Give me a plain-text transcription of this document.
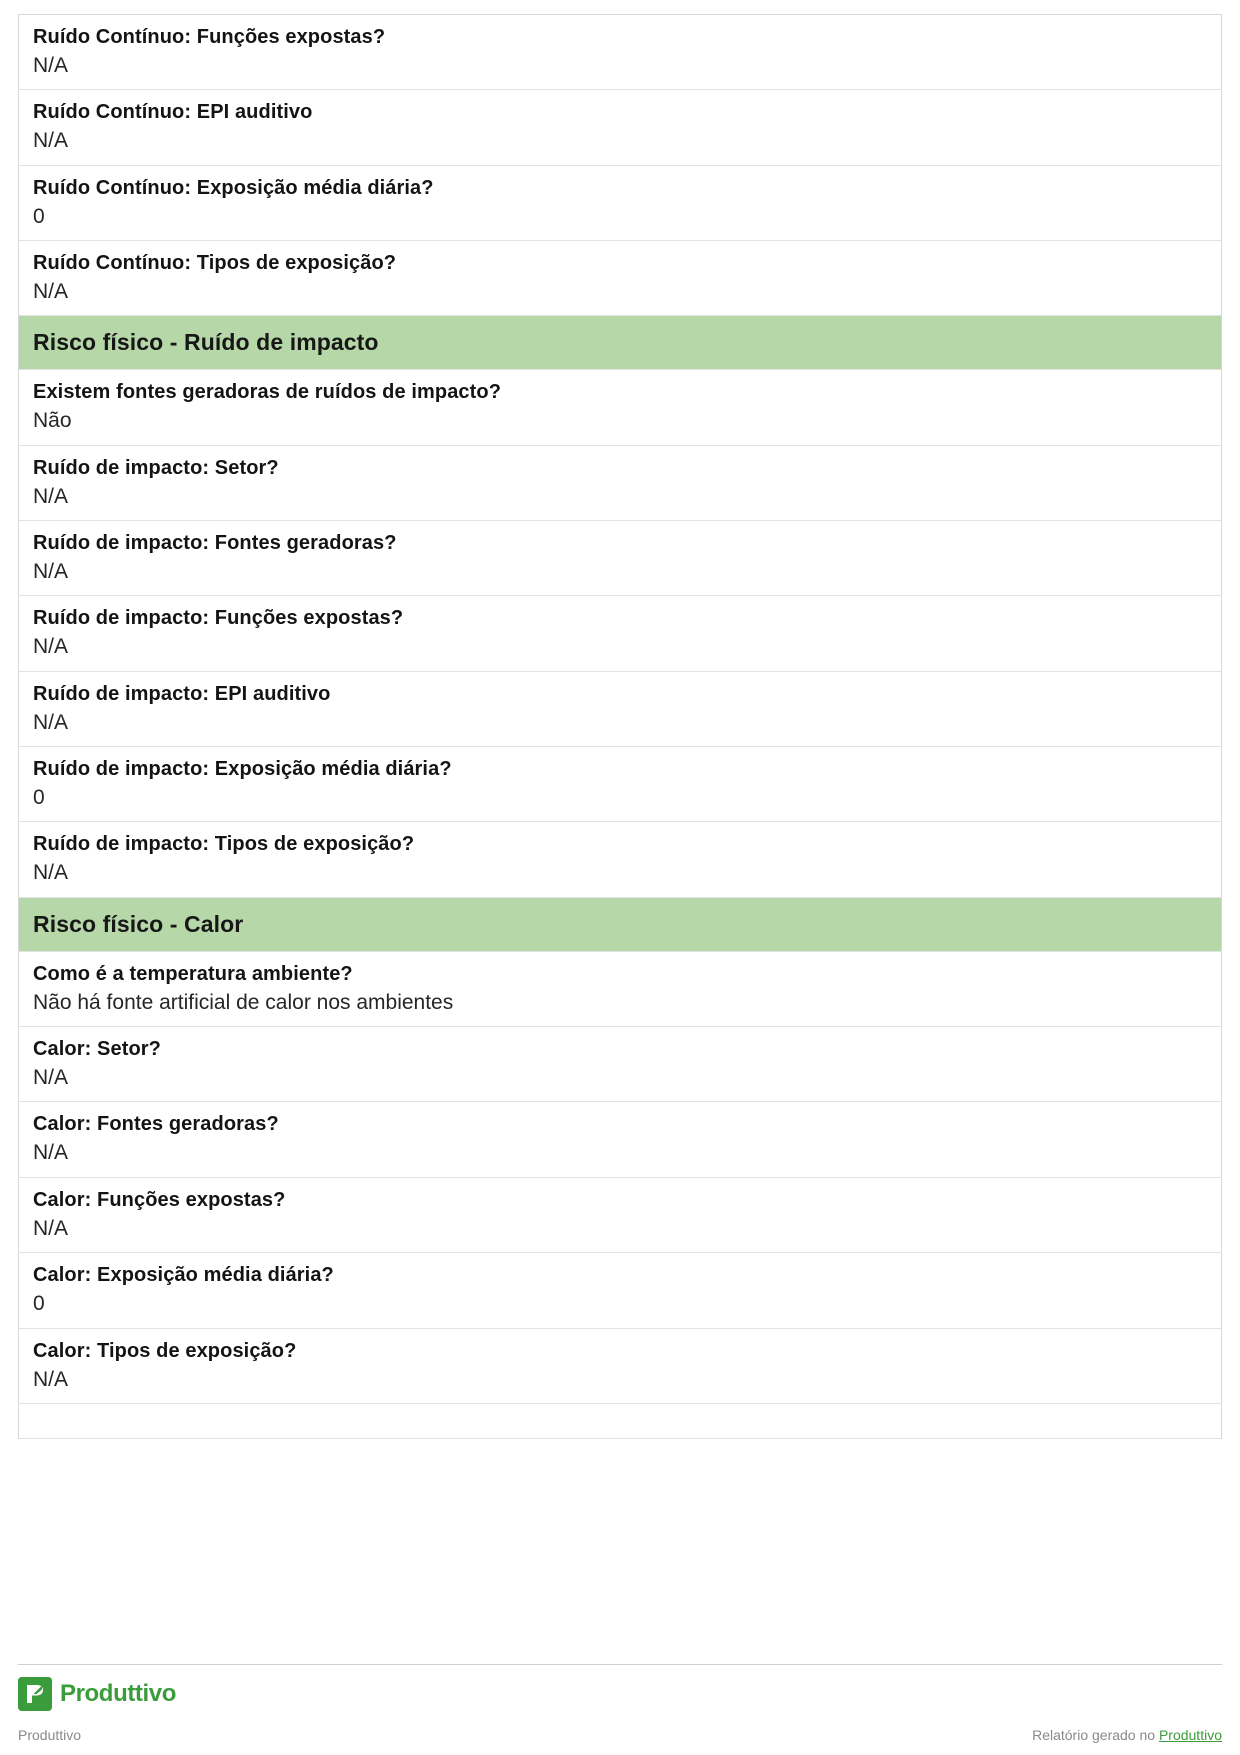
Ruído Contínuo: Funções expostas?
N/A
Ruído Contínuo: EPI auditivo
N/A
Ruído Contínuo: Exposição média diária?
0
Ruído Contínuo: Tipos de exposição?
N/A
Risco físico - Ruído de impacto
Existem fontes geradoras de ruídos de impacto?
Não
Ruído de impacto: Setor?
N/A
Ruído de impacto: Fontes geradoras?
N/A
Ruído de impacto: Funções expostas?
N/A
Ruído de impacto: EPI auditivo
N/A
Ruído de impacto: Exposição média diária?
0
Ruído de impacto: Tipos de exposição?
N/A
Risco físico - Calor
Como é a temperatura ambiente?
Não há fonte artificial de calor nos ambientes
Calor: Setor?
N/A
Calor: Fontes geradoras?
N/A
Calor: Funções expostas?
N/A
Calor: Exposição média diária?
0
Calor: Tipos de exposição?
N/A
Produttivo
Produttivo	Relatório gerado no Produttivo
